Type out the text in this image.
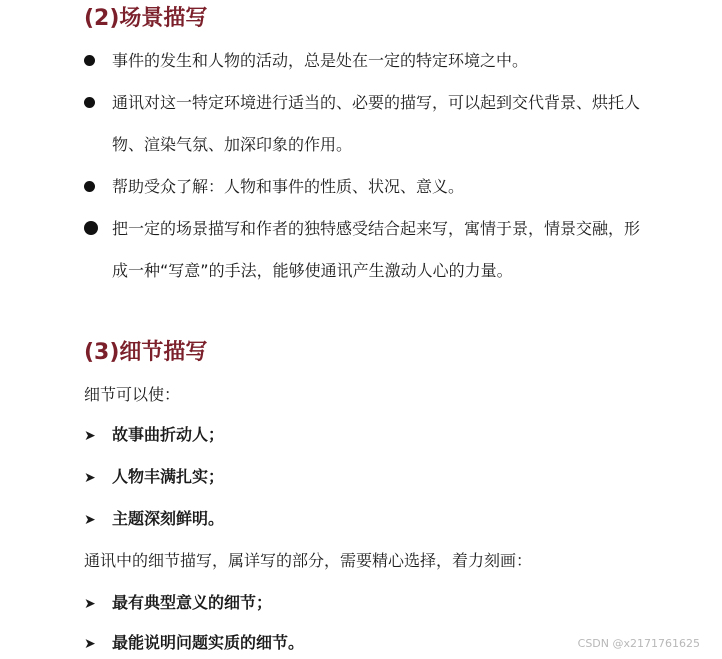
(2)场景描写
事件的发生和人物的活动，总是处在一定的特定环境之中。
通讯对这一特定环境进行适当的、必要的描写，可以起到交代背景、烘托人物、渲染气氛、加深印象的作用。
帮助受众了解：人物和事件的性质、状况、意义。
把一定的场景描写和作者的独特感受结合起来写，寓情于景，情景交融，形成一种“写意”的手法，能够使通讯产生激动人心的力量。
(3)细节描写
细节可以使：
➤ 故事曲折动人；
➤ 人物丰满扎实；
➤ 主题深刻鲜明。
通讯中的细节描写，属详写的部分，需要精心选择，着力刻画：
➤ 最有典型意义的细节；
➤ 最能说明问题实质的细节。	CSDN @x2171761625
